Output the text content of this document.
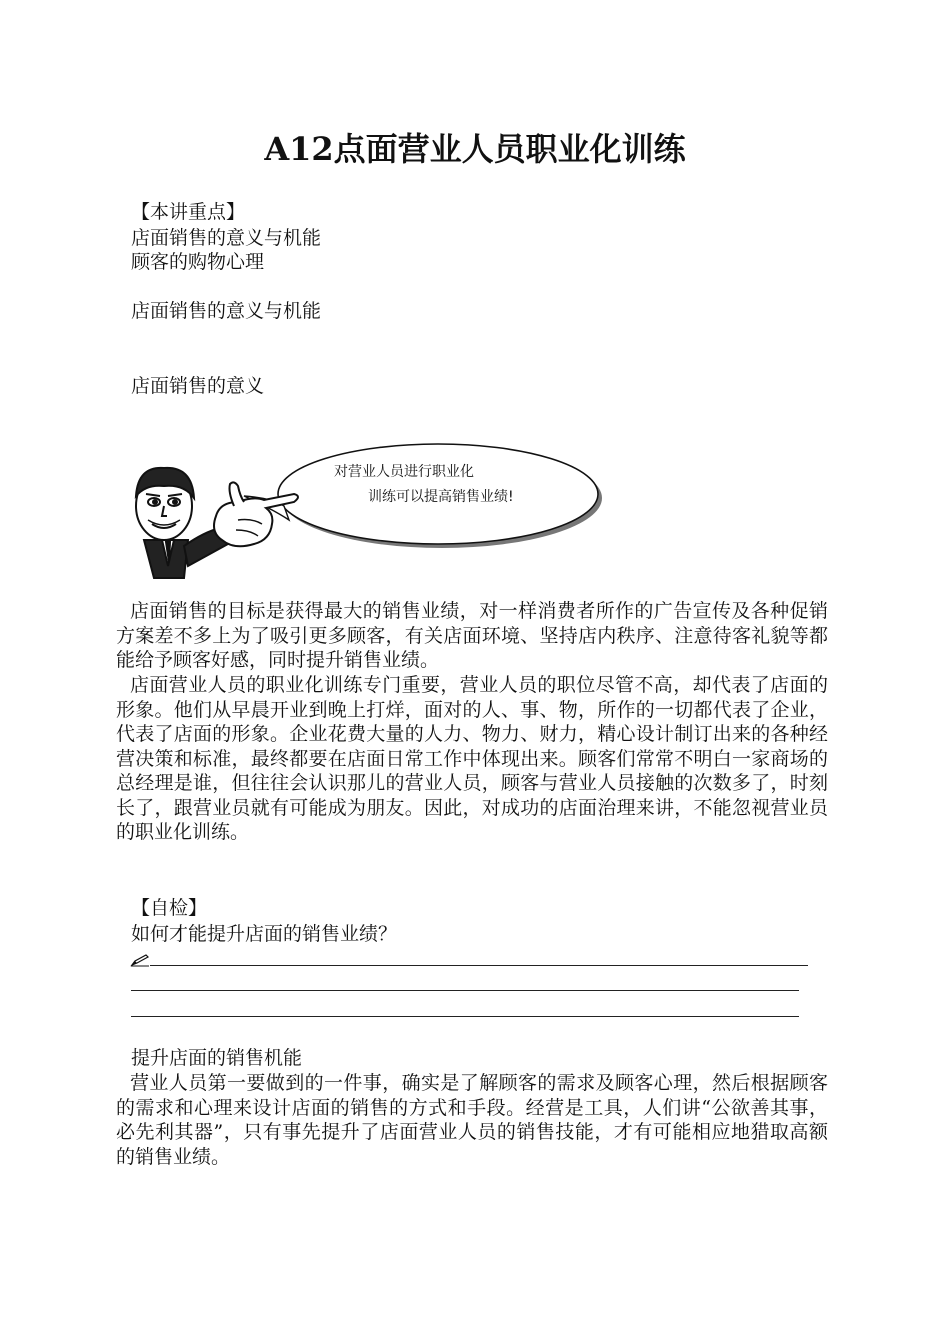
A12点面营业人员职业化训练
【本讲重点】
店面销售的意义与机能
顾客的购物心理
店面销售的意义与机能
店面销售的意义
对营业人员进行职业化
训练可以提高销售业绩!

店面销售的目标是获得最大的销售业绩，对一样消费者所作的广告宣传及各种促销方案差不多上为了吸引更多顾客，有关店面环境、坚持店内秩序、注意待客礼貌等都能给予顾客好感，同时提升销售业绩。

店面营业人员的职业化训练专门重要，营业人员的职位尽管不高，却代表了店面的形象。他们从早晨开业到晚上打烊，面对的人、事、物，所作的一切都代表了企业，代表了店面的形象。企业花费大量的人力、物力、财力，精心设计制订出来的各种经营决策和标准，最终都要在店面日常工作中体现出来。顾客们常常不明白一家商场的总经理是谁，但往往会认识那儿的营业人员，顾客与营业人员接触的次数多了，时刻长了，跟营业员就有可能成为朋友。因此，对成功的店面治理来讲，不能忽视营业员的职业化训练。

【自检】
如何才能提升店面的销售业绩？
提升店面的销售机能

营业人员第一要做到的一件事，确实是了解顾客的需求及顾客心理，然后根据顾客的需求和心理来设计店面的销售的方式和手段。经营是工具，人们讲“公欲善其事，必先利其器”，只有事先提升了店面营业人员的销售技能，才有可能相应地猎取高额的销售业绩。
